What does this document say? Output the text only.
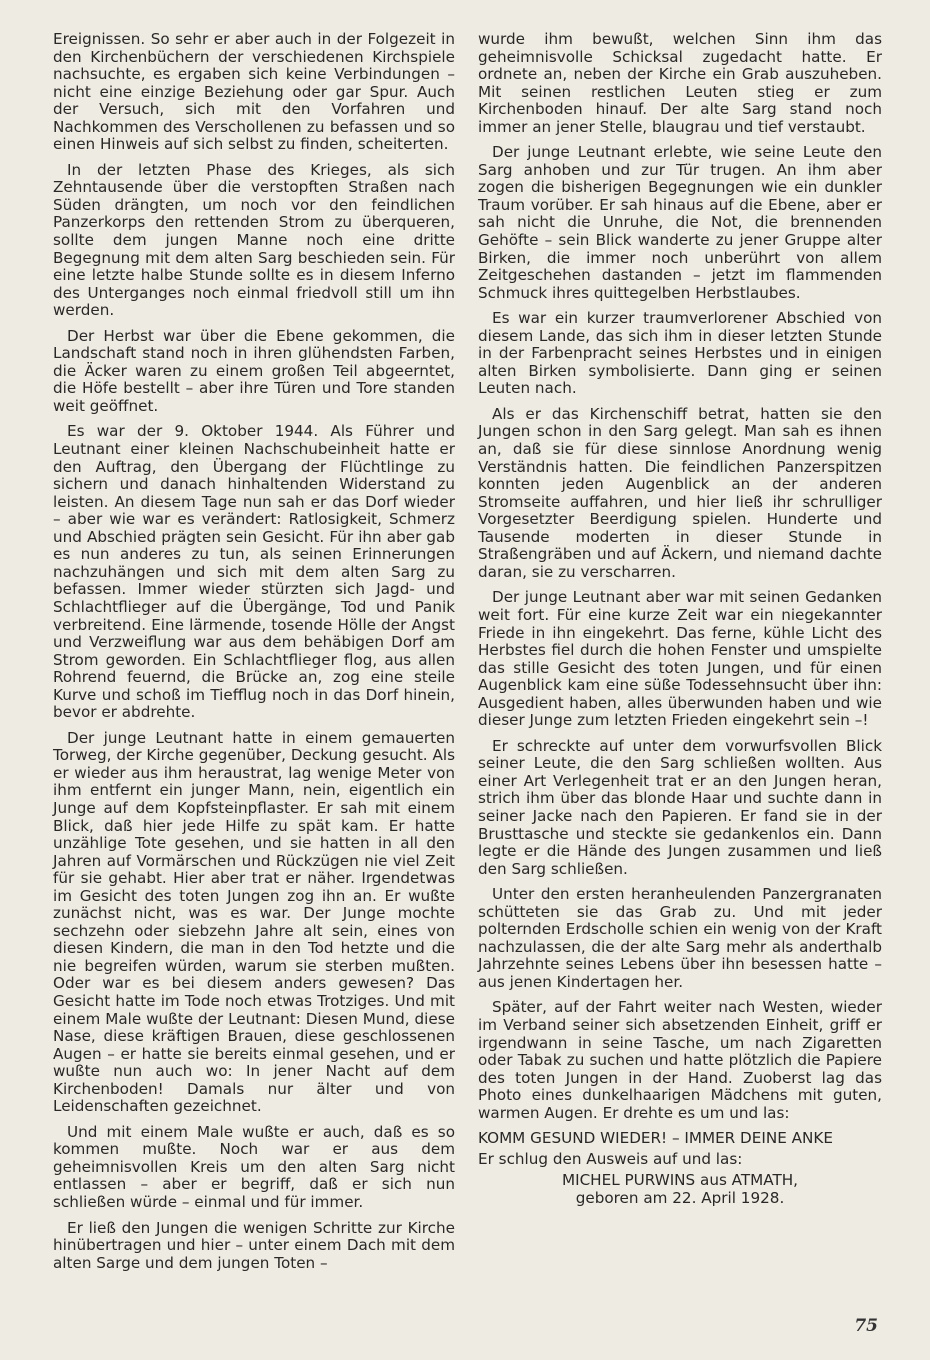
Ereignissen. So sehr er aber auch in der Folgezeit in den Kirchenbüchern der verschiedenen Kirchspiele nachsuchte, es ergaben sich keine Verbindungen – nicht eine einzige Beziehung oder gar Spur. Auch der Versuch, sich mit den Vorfahren und Nachkommen des Verschollenen zu befassen und so einen Hinweis auf sich selbst zu finden, scheiterten.

In der letzten Phase des Krieges, als sich Zehntausende über die verstopften Straßen nach Süden drängten, um noch vor den feindlichen Panzerkorps den rettenden Strom zu überqueren, sollte dem jungen Manne noch eine dritte Begegnung mit dem alten Sarg beschieden sein. Für eine letzte halbe Stunde sollte es in diesem Inferno des Unterganges noch einmal friedvoll still um ihn werden.

Der Herbst war über die Ebene gekommen, die Landschaft stand noch in ihren glühendsten Farben, die Äcker waren zu einem großen Teil abgeerntet, die Höfe bestellt – aber ihre Türen und Tore standen weit geöffnet.

Es war der 9. Oktober 1944. Als Führer und Leutnant einer kleinen Nachschubeinheit hatte er den Auftrag, den Übergang der Flüchtlinge zu sichern und danach hinhaltenden Widerstand zu leisten. An diesem Tage nun sah er das Dorf wieder – aber wie war es verändert: Ratlosigkeit, Schmerz und Abschied prägten sein Gesicht. Für ihn aber gab es nun anderes zu tun, als seinen Erinnerungen nachzuhängen und sich mit dem alten Sarg zu befassen. Immer wieder stürzten sich Jagd- und Schlachtflieger auf die Übergänge, Tod und Panik verbreitend. Eine lärmende, tosende Hölle der Angst und Verzweiflung war aus dem behäbigen Dorf am Strom geworden. Ein Schlachtflieger flog, aus allen Rohrend feuernd, die Brücke an, zog eine steile Kurve und schoß im Tiefflug noch in das Dorf hinein, bevor er abdrehte.

Der junge Leutnant hatte in einem gemauerten Torweg, der Kirche gegenüber, Deckung gesucht. Als er wieder aus ihm heraustrat, lag wenige Meter von ihm entfernt ein junger Mann, nein, eigentlich ein Junge auf dem Kopfsteinpflaster. Er sah mit einem Blick, daß hier jede Hilfe zu spät kam. Er hatte unzählige Tote gesehen, und sie hatten in all den Jahren auf Vormärschen und Rückzügen nie viel Zeit für sie gehabt. Hier aber trat er näher. Irgendetwas im Gesicht des toten Jungen zog ihn an. Er wußte zunächst nicht, was es war. Der Junge mochte sechzehn oder siebzehn Jahre alt sein, eines von diesen Kindern, die man in den Tod hetzte und die nie begreifen würden, warum sie sterben mußten. Oder war es bei diesem anders gewesen? Das Gesicht hatte im Tode noch etwas Trotziges. Und mit einem Male wußte der Leutnant: Diesen Mund, diese Nase, diese kräftigen Brauen, diese geschlossenen Augen – er hatte sie bereits einmal gesehen, und er wußte nun auch wo: In jener Nacht auf dem Kirchenboden! Damals nur älter und von Leidenschaften gezeichnet.

Und mit einem Male wußte er auch, daß es so kommen mußte. Noch war er aus dem geheimnisvollen Kreis um den alten Sarg nicht entlassen – aber er begriff, daß er sich nun schließen würde – einmal und für immer.

Er ließ den Jungen die wenigen Schritte zur Kirche hinübertragen und hier – unter einem Dach mit dem alten Sarge und dem jungen Toten –

wurde ihm bewußt, welchen Sinn ihm das geheimnisvolle Schicksal zugedacht hatte. Er ordnete an, neben der Kirche ein Grab auszuheben. Mit seinen restlichen Leuten stieg er zum Kirchenboden hinauf. Der alte Sarg stand noch immer an jener Stelle, blaugrau und tief verstaubt.

Der junge Leutnant erlebte, wie seine Leute den Sarg anhoben und zur Tür trugen. An ihm aber zogen die bisherigen Begegnungen wie ein dunkler Traum vorüber. Er sah hinaus auf die Ebene, aber er sah nicht die Unruhe, die Not, die brennenden Gehöfte – sein Blick wanderte zu jener Gruppe alter Birken, die immer noch unberührt von allem Zeitgeschehen dastanden – jetzt im flammenden Schmuck ihres quittegelben Herbstlaubes.

Es war ein kurzer traumverlorener Abschied von diesem Lande, das sich ihm in dieser letzten Stunde in der Farbenpracht seines Herbstes und in einigen alten Birken symbolisierte. Dann ging er seinen Leuten nach.

Als er das Kirchenschiff betrat, hatten sie den Jungen schon in den Sarg gelegt. Man sah es ihnen an, daß sie für diese sinnlose Anordnung wenig Verständnis hatten. Die feindlichen Panzerspitzen konnten jeden Augenblick an der anderen Stromseite auffahren, und hier ließ ihr schrulliger Vorgesetzter Beerdigung spielen. Hunderte und Tausende moderten in dieser Stunde in Straßengräben und auf Äckern, und niemand dachte daran, sie zu verscharren.

Der junge Leutnant aber war mit seinen Gedanken weit fort. Für eine kurze Zeit war ein niegekannter Friede in ihn eingekehrt. Das ferne, kühle Licht des Herbstes fiel durch die hohen Fenster und umspielte das stille Gesicht des toten Jungen, und für einen Augenblick kam eine süße Todessehnsucht über ihn: Ausgedient haben, alles überwunden haben und wie dieser Junge zum letzten Frieden eingekehrt sein –!

Er schreckte auf unter dem vorwurfsvollen Blick seiner Leute, die den Sarg schließen wollten. Aus einer Art Verlegenheit trat er an den Jungen heran, strich ihm über das blonde Haar und suchte dann in seiner Jacke nach den Papieren. Er fand sie in der Brusttasche und steckte sie gedankenlos ein. Dann legte er die Hände des Jungen zusammen und ließ den Sarg schließen.

Unter den ersten heranheulenden Panzergranaten schütteten sie das Grab zu. Und mit jeder polternden Erdscholle schien ein wenig von der Kraft nachzulassen, die der alte Sarg mehr als anderthalb Jahrzehnte seines Lebens über ihn besessen hatte – aus jenen Kindertagen her.

Später, auf der Fahrt weiter nach Westen, wieder im Verband seiner sich absetzenden Einheit, griff er irgendwann in seine Tasche, um nach Zigaretten oder Tabak zu suchen und hatte plötzlich die Papiere des toten Jungen in der Hand. Zuoberst lag das Photo eines dunkelhaarigen Mädchens mit guten, warmen Augen. Er drehte es um und las:

KOMM GESUND WIEDER! – IMMER DEINE ANKE

Er schlug den Ausweis auf und las:

MICHEL PURWINS aus ATMATH,

geboren am 22. April 1928.

75
